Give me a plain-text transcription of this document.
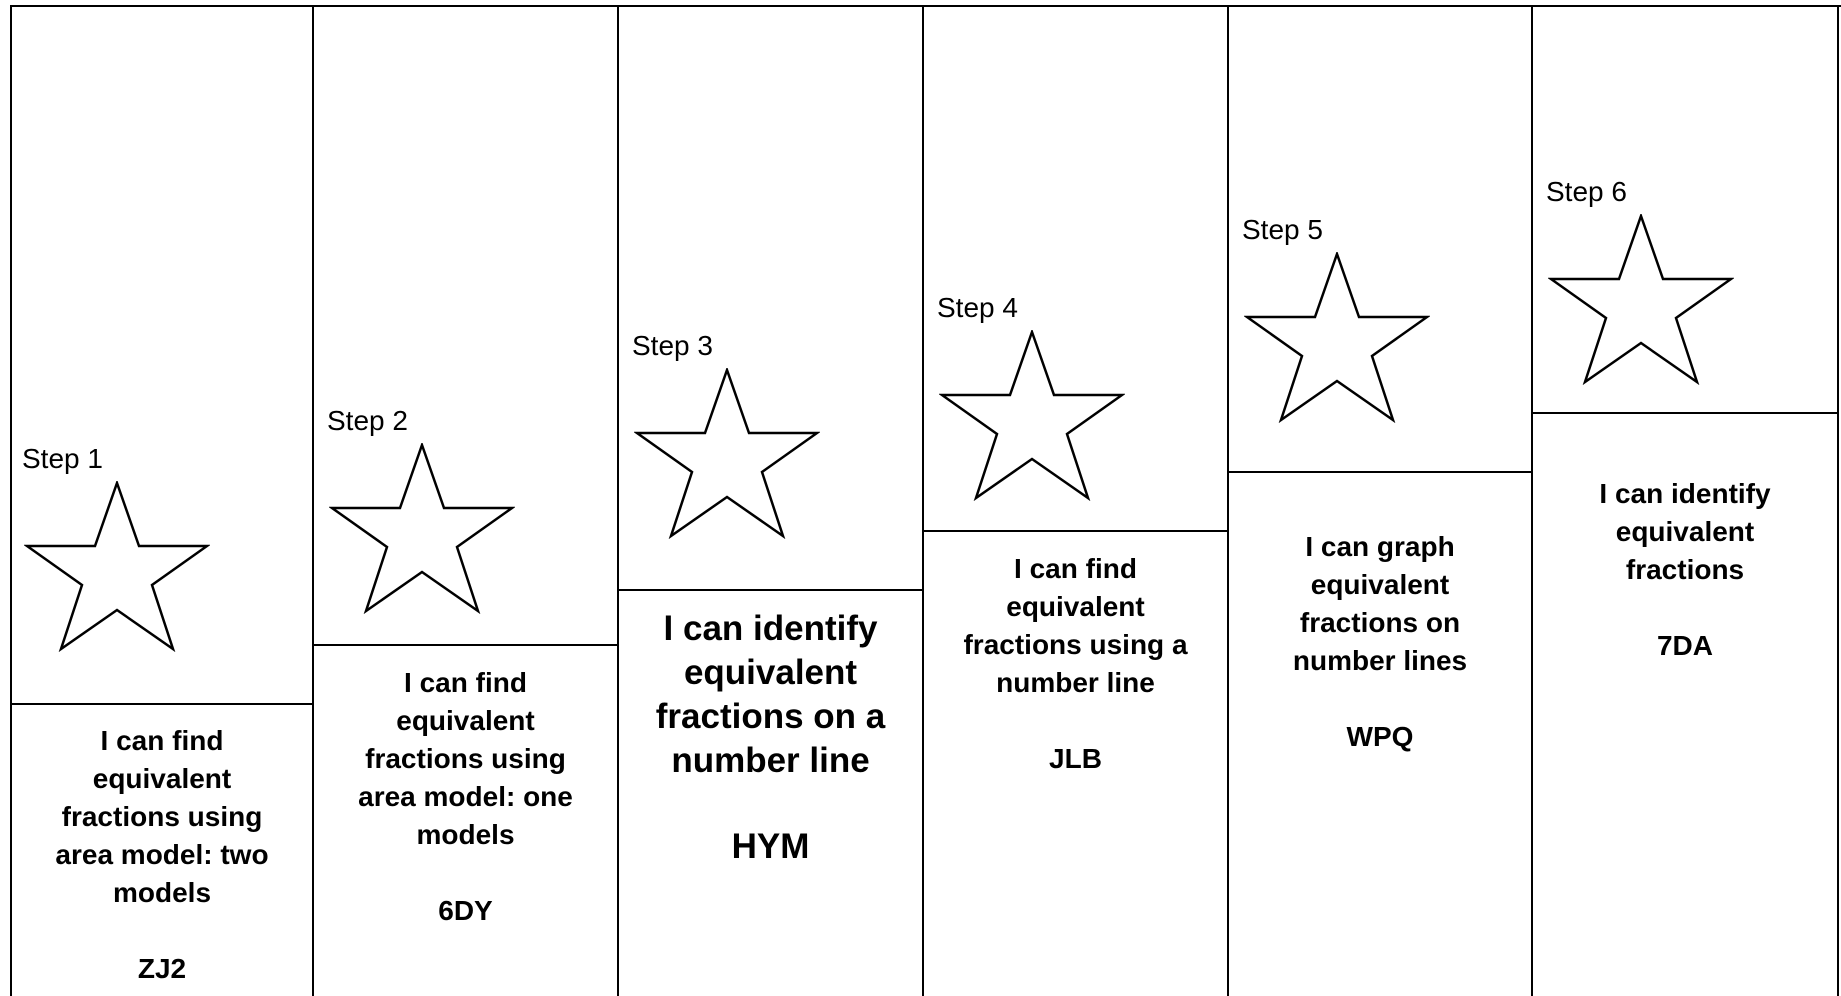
Step 1
I can find equivalent fractions using area model: two models
ZJ2
Step 2
I can find equivalent fractions using area model: one models
6DY
Step 3
I can identify equivalent fractions on a number line
HYM
Step 4
I can find equivalent fractions using a number line
JLB
Step 5
I can graph equivalent fractions on number lines
WPQ
Step 6
I can identify equivalent fractions
7DA
